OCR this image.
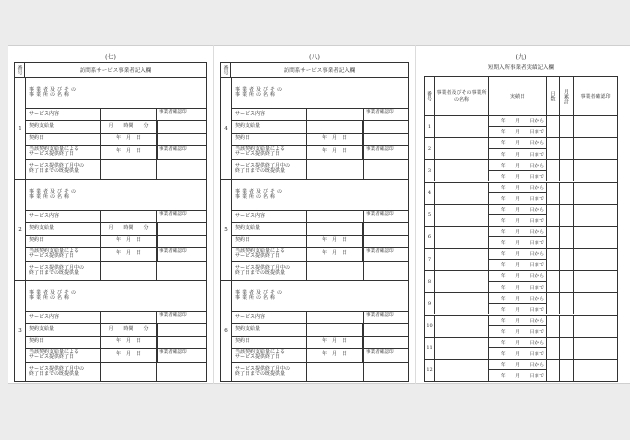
(七)
番号	訪問系サービス事業者記入欄
1
事業者及びその
事業所の名称
サービス内容	事業者確認印
契約支給量	月　　時間　　分
契約日	年　月　日
当該契約支給量による
サービス提供終了日	年　月　日	事業者確認印
サービス提供終了月中の
終了日までの既提供量
2
事業者及びその
事業所の名称
サービス内容	事業者確認印
契約支給量	月　　時間　　分
契約日	年　月　日
当該契約支給量による
サービス提供終了日	年　月　日	事業者確認印
サービス提供終了月中の
終了日までの既提供量
3
事業者及びその
事業所の名称
サービス内容	事業者確認印
契約支給量	月　　時間　　分
契約日	年　月　日
当該契約支給量による
サービス提供終了日	年　月　日	事業者確認印
サービス提供終了月中の
終了日までの既提供量
(八)
番号	訪問系サービス事業者記入欄
4
事業者及びその
事業所の名称
サービス内容	事業者確認印
契約支給量
契約日	年　月　日
当該契約支給量による
サービス提供終了日	年　月　日	事業者確認印
サービス提供終了月中の
終了日までの既提供量
5
事業者及びその
事業所の名称
サービス内容	事業者確認印
契約支給量
契約日	年　月　日
当該契約支給量による
サービス提供終了日	年　月　日	事業者確認印
サービス提供終了月中の
終了日までの既提供量
6
事業者及びその
事業所の名称
サービス内容	事業者確認印
契約支給量
契約日	年　月　日
当該契約支給量による
サービス提供終了日	年　月　日	事業者確認印
サービス提供終了月中の
終了日までの既提供量
(九)
短期入所事業者実績記入欄
番号 事業者及びその事業所の名称
実績日	日数	月累計	事業者確認印
1
年　　月　　日から
年　　月　　日まで
2
年　　月　　日から
年　　月　　日まで
3
年　　月　　日から
年　　月　　日まで
4
年　　月　　日から
年　　月　　日まで
5
年　　月　　日から
年　　月　　日まで
6
年　　月　　日から
年　　月　　日まで
7
年　　月　　日から
年　　月　　日まで
8
年　　月　　日から
年　　月　　日まで
9
年　　月　　日から
年　　月　　日まで
10
年　　月　　日から
年　　月　　日まで
11
年　　月　　日から
年　　月　　日まで
12
年　　月　　日から
年　　月　　日まで
